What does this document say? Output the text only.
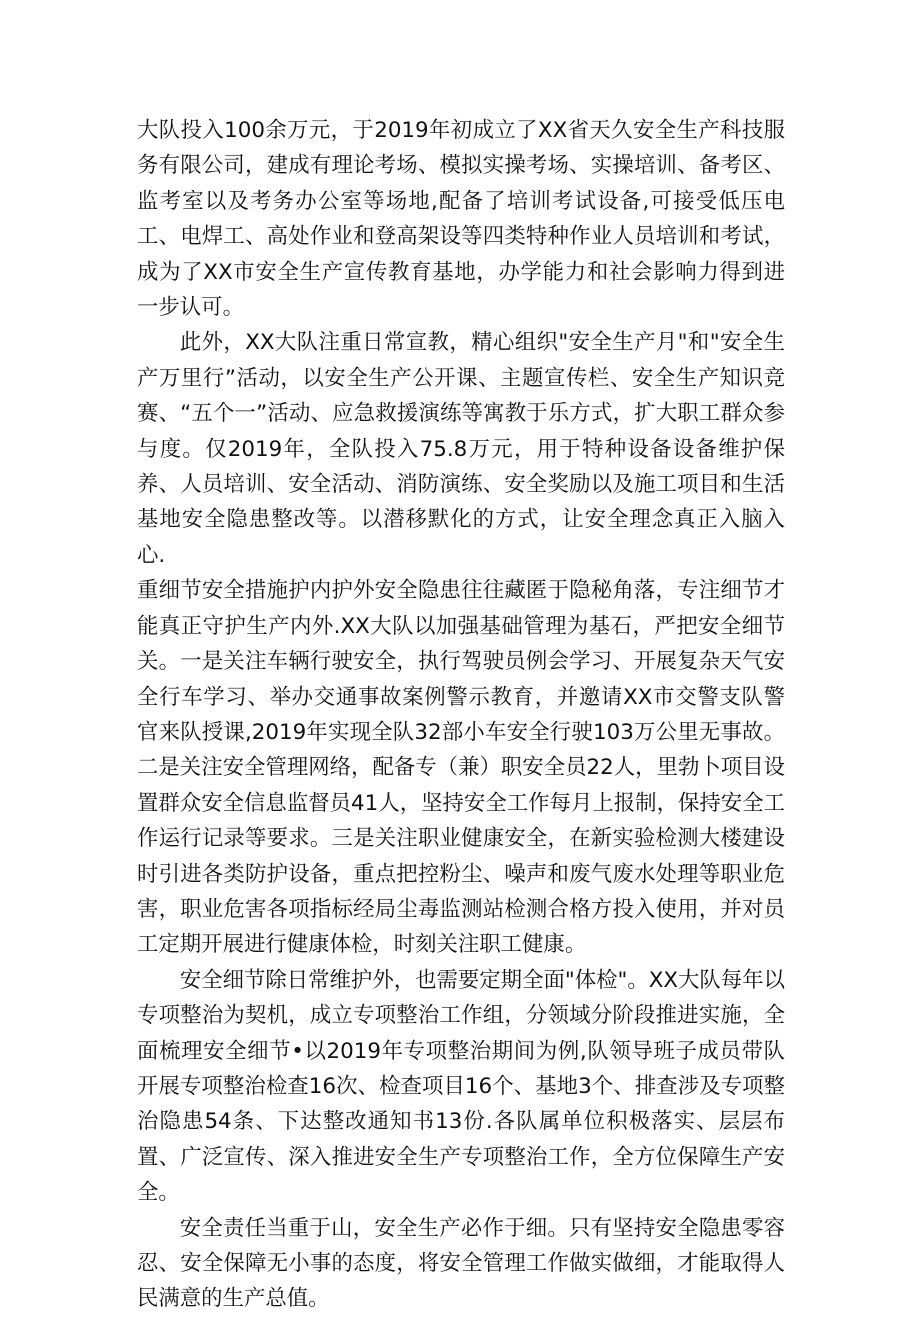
大队投入100余万元，于2019年初成立了XX省天久安全生产科技服务有限公司，建成有理论考场、模拟实操考场、实操培训、备考区、监考室以及考务办公室等场地,配备了培训考试设备,可接受低压电工、电焊工、高处作业和登高架设等四类特种作业人员培训和考试，成为了XX市安全生产宣传教育基地，办学能力和社会影响力得到进一步认可。

此外，XX大队注重日常宣教，精心组织"安全生产月"和"安全生产万里行”活动，以安全生产公开课、主题宣传栏、安全生产知识竞赛、“五个一”活动、应急救援演练等寓教于乐方式，扩大职工群众参与度。仅2019年，全队投入75.8万元，用于特种设备设备维护保养、人员培训、安全活动、消防演练、安全奖励以及施工项目和生活基地安全隐患整改等。以潜移默化的方式，让安全理念真正入脑入心.

重细节安全措施护内护外安全隐患往往藏匿于隐秘角落，专注细节才能真正守护生产内外.XX大队以加强基础管理为基石，严把安全细节关。一是关注车辆行驶安全，执行驾驶员例会学习、开展复杂天气安全行车学习、举办交通事故案例警示教育，并邀请XX市交警支队警官来队授课,2019年实现全队32部小车安全行驶103万公里无事故。二是关注安全管理网络，配备专（兼）职安全员22人，里勃卜项目设置群众安全信息监督员41人，坚持安全工作每月上报制，保持安全工作运行记录等要求。三是关注职业健康安全，在新实验检测大楼建设时引进各类防护设备，重点把控粉尘、噪声和废气废水处理等职业危害，职业危害各项指标经局尘毒监测站检测合格方投入使用，并对员工定期开展进行健康体检，时刻关注职工健康。

安全细节除日常维护外，也需要定期全面"体检"。XX大队每年以专项整治为契机，成立专项整治工作组，分领域分阶段推进实施，全面梳理安全细节•以2019年专项整治期间为例,队领导班子成员带队开展专项整治检查16次、检查项目16个、基地3个、排查涉及专项整治隐患54条、下达整改通知书13份.各队属单位积极落实、层层布置、广泛宣传、深入推进安全生产专项整治工作，全方位保障生产安全。

安全责任当重于山，安全生产必作于细。只有坚持安全隐患零容忍、安全保障无小事的态度，将安全管理工作做实做细，才能取得人民满意的生产总值。
